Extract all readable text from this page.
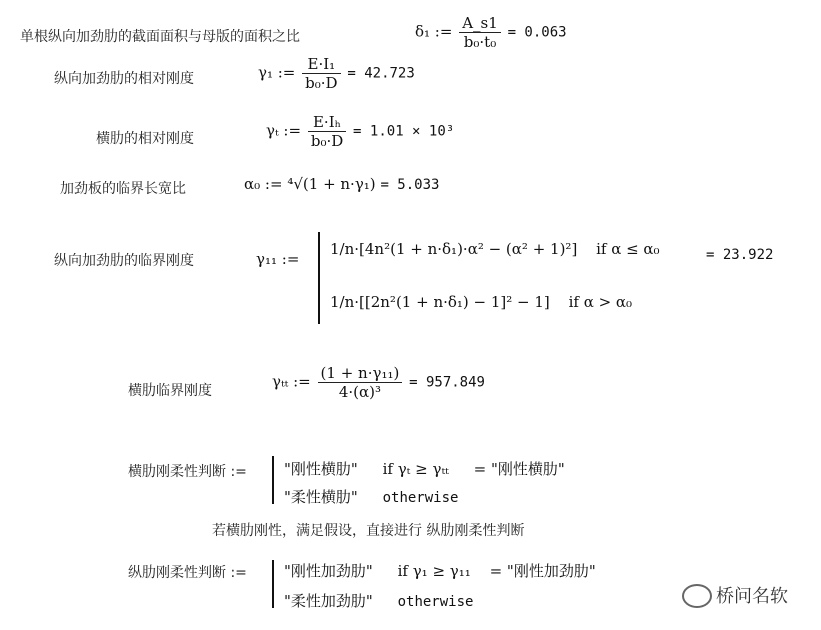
单根纵向加劲肋的截面面积与母版的面积之比	δ₁ := $\frac{A\_s1}{\text{b₀·t₀}} = 0.063$
纵向加劲肋的相对刚度	γ₁ := $\frac{\text{E·I₁}}{\text{b₀·D}} = 42.723$
横肋的相对刚度	γₜ := $\frac{\text{E·Iₕ}}{\text{b₀·D}} = 1.01 \times 10^3$
加劲板的临界长宽比	α₀ := ⁴√(1 + n·γ₁) = 5.033
纵向加劲肋的临界刚度	γ₁₁ :=
1/n·[4n²(1 + n·δ₁)·α² − (α² + 1)²] if α ≤ α₀	= 23.922
1/n·[[2n²(1 + n·δ₁) − 1]² − 1] if α > α₀
横肋临界刚度
γₜₜ := $\frac{\text{(1 + n·γ₁₁)}}{\text{4·(α)³}} = 957.849$
横肋刚柔性判断 := "刚性横肋" if γₜ ≥ γₜₜ = "刚性横肋"
"柔性横肋" otherwise
若横肋刚性，满足假设，直接进行 纵肋刚柔性判断
纵肋刚柔性判断 := "刚性加劲肋" if γ₁ ≥ γ₁₁ = "刚性加劲肋"
"柔性加劲肋" otherwise	桥问名软
